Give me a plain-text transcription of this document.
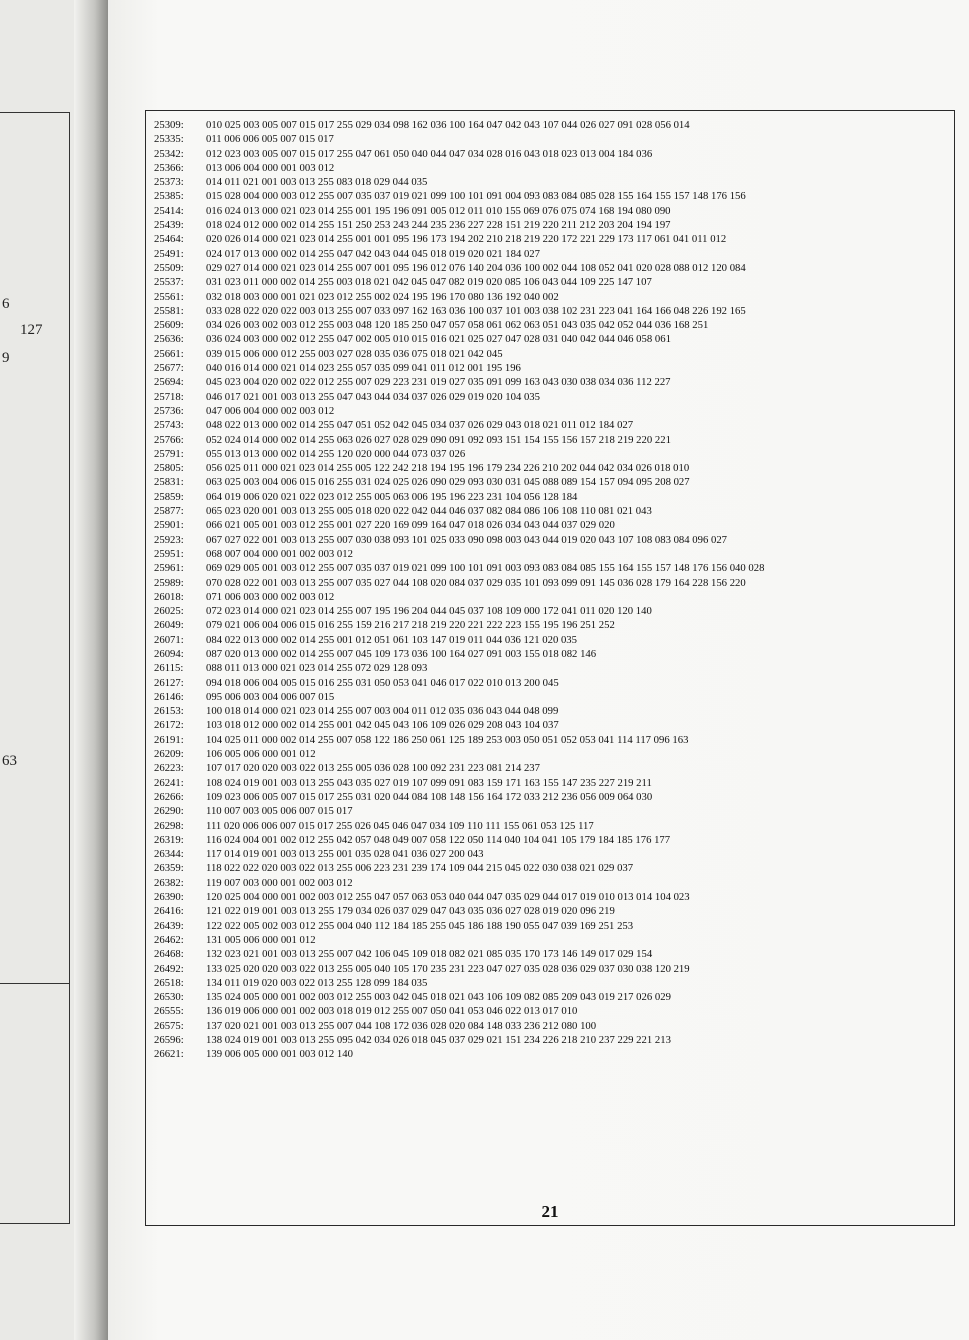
6
127
9
63
25309:	010 025 003 005 007 015 017 255 029 034 098 162 036 100 164 047 042 043 107 044 026 027 091 028 056 014
25335:	011 006 006 005 007 015 017
25342:	012 023 003 005 007 015 017 255 047 061 050 040 044 047 034 028 016 043 018 023 013 004 184 036
25366:	013 006 004 000 001 003 012
25373:	014 011 021 001 003 013 255 083 018 029 044 035
25385:	015 028 004 000 003 012 255 007 035 037 019 021 099 100 101 091 004 093 083 084 085 028 155 164 155 157 148 176 156
25414:	016 024 013 000 021 023 014 255 001 195 196 091 005 012 011 010 155 069 076 075 074 168 194 080 090
25439:	018 024 012 000 002 014 255 151 250 253 243 244 235 236 227 228 151 219 220 211 212 203 204 194 197
25464:	020 026 014 000 021 023 014 255 001 001 095 196 173 194 202 210 218 219 220 172 221 229 173 117 061 041 011 012
25491:	024 017 013 000 002 014 255 047 042 043 044 045 018 019 020 021 184 027
25509:	029 027 014 000 021 023 014 255 007 001 095 196 012 076 140 204 036 100 002 044 108 052 041 020 028 088 012 120 084
25537:	031 023 011 000 002 014 255 003 018 021 042 045 047 082 019 020 085 106 043 044 109 225 147 107
25561:	032 018 003 000 001 021 023 012 255 002 024 195 196 170 080 136 192 040 002
25581:	033 028 022 020 022 003 013 255 007 033 097 162 163 036 100 037 101 003 038 102 231 223 041 164 166 048 226 192 165
25609:	034 026 003 002 003 012 255 003 048 120 185 250 047 057 058 061 062 063 051 043 035 042 052 044 036 168 251
25636:	036 024 003 000 002 012 255 047 002 005 010 015 016 021 025 027 047 028 031 040 042 044 046 058 061
25661:	039 015 006 000 012 255 003 027 028 035 036 075 018 021 042 045
25677:	040 016 014 000 021 014 023 255 057 035 099 041 011 012 001 195 196
25694:	045 023 004 020 002 022 012 255 007 029 223 231 019 027 035 091 099 163 043 030 038 034 036 112 227
25718:	046 017 021 001 003 013 255 047 043 044 034 037 026 029 019 020 104 035
25736:	047 006 004 000 002 003 012
25743:	048 022 013 000 002 014 255 047 051 052 042 045 034 037 026 029 043 018 021 011 012 184 027
25766:	052 024 014 000 002 014 255 063 026 027 028 029 090 091 092 093 151 154 155 156 157 218 219 220 221
25791:	055 013 013 000 002 014 255 120 020 000 044 073 037 026
25805:	056 025 011 000 021 023 014 255 005 122 242 218 194 195 196 179 234 226 210 202 044 042 034 026 018 010
25831:	063 025 003 004 006 015 016 255 031 024 025 026 090 029 093 030 031 045 088 089 154 157 094 095 208 027
25859:	064 019 006 020 021 022 023 012 255 005 063 006 195 196 223 231 104 056 128 184
25877:	065 023 020 001 003 013 255 005 018 020 022 042 044 046 037 082 084 086 106 108 110 081 021 043
25901:	066 021 005 001 003 012 255 001 027 220 169 099 164 047 018 026 034 043 044 037 029 020
25923:	067 027 022 001 003 013 255 007 030 038 093 101 025 033 090 098 003 043 044 019 020 043 107 108 083 084 096 027
25951:	068 007 004 000 001 002 003 012
25961:	069 029 005 001 003 012 255 007 035 037 019 021 099 100 101 091 003 093 083 084 085 155 164 155 157 148 176 156 040 028
25989:	070 028 022 001 003 013 255 007 035 027 044 108 020 084 037 029 035 101 093 099 091 145 036 028 179 164 228 156 220
26018:	071 006 003 000 002 003 012
26025:	072 023 014 000 021 023 014 255 007 195 196 204 044 045 037 108 109 000 172 041 011 020 120 140
26049:	079 021 006 004 006 015 016 255 159 216 217 218 219 220 221 222 223 155 195 196 251 252
26071:	084 022 013 000 002 014 255 001 012 051 061 103 147 019 011 044 036 121 020 035
26094:	087 020 013 000 002 014 255 007 045 109 173 036 100 164 027 091 003 155 018 082 146
26115:	088 011 013 000 021 023 014 255 072 029 128 093
26127:	094 018 006 004 005 015 016 255 031 050 053 041 046 017 022 010 013 200 045
26146:	095 006 003 004 006 007 015
26153:	100 018 014 000 021 023 014 255 007 003 004 011 012 035 036 043 044 048 099
26172:	103 018 012 000 002 014 255 001 042 045 043 106 109 026 029 208 043 104 037
26191:	104 025 011 000 002 014 255 007 058 122 186 250 061 125 189 253 003 050 051 052 053 041 114 117 096 163
26209:	106 005 006 000 001 012
26223:	107 017 020 020 003 022 013 255 005 036 028 100 092 231 223 081 214 237
26241:	108 024 019 001 003 013 255 043 035 027 019 107 099 091 083 159 171 163 155 147 235 227 219 211
26266:	109 023 006 005 007 015 017 255 031 020 044 084 108 148 156 164 172 033 212 236 056 009 064 030
26290:	110 007 003 005 006 007 015 017
26298:	111 020 006 006 007 015 017 255 026 045 046 047 034 109 110 111 155 061 053 125 117
26319:	116 024 004 001 002 012 255 042 057 048 049 007 058 122 050 114 040 104 041 105 179 184 185 176 177
26344:	117 014 019 001 003 013 255 001 035 028 041 036 027 200 043
26359:	118 022 022 020 003 022 013 255 006 223 231 239 174 109 044 215 045 022 030 038 021 029 037
26382:	119 007 003 000 001 002 003 012
26390:	120 025 004 000 001 002 003 012 255 047 057 063 053 040 044 047 035 029 044 017 019 010 013 014 104 023
26416:	121 022 019 001 003 013 255 179 034 026 037 029 047 043 035 036 027 028 019 020 096 219
26439:	122 022 005 002 003 012 255 004 040 112 184 185 255 045 186 188 190 055 047 039 169 251 253
26462:	131 005 006 000 001 012
26468:	132 023 021 001 003 013 255 007 042 106 045 109 018 082 021 085 035 170 173 146 149 017 029 154
26492:	133 025 020 020 003 022 013 255 005 040 105 170 235 231 223 047 027 035 028 036 029 037 030 038 120 219
26518:	134 011 019 020 003 022 013 255 128 099 184 035
26530:	135 024 005 000 001 002 003 012 255 003 042 045 018 021 043 106 109 082 085 209 043 019 217 026 029
26555:	136 019 006 000 001 002 003 018 019 012 255 007 050 041 053 046 022 013 017 010
26575:	137 020 021 001 003 013 255 007 044 108 172 036 028 020 084 148 033 236 212 080 100
26596:	138 024 019 001 003 013 255 095 042 034 026 018 045 037 029 021 151 234 226 218 210 237 229 221 213
26621:	139 006 005 000 001 003 012 140
21
